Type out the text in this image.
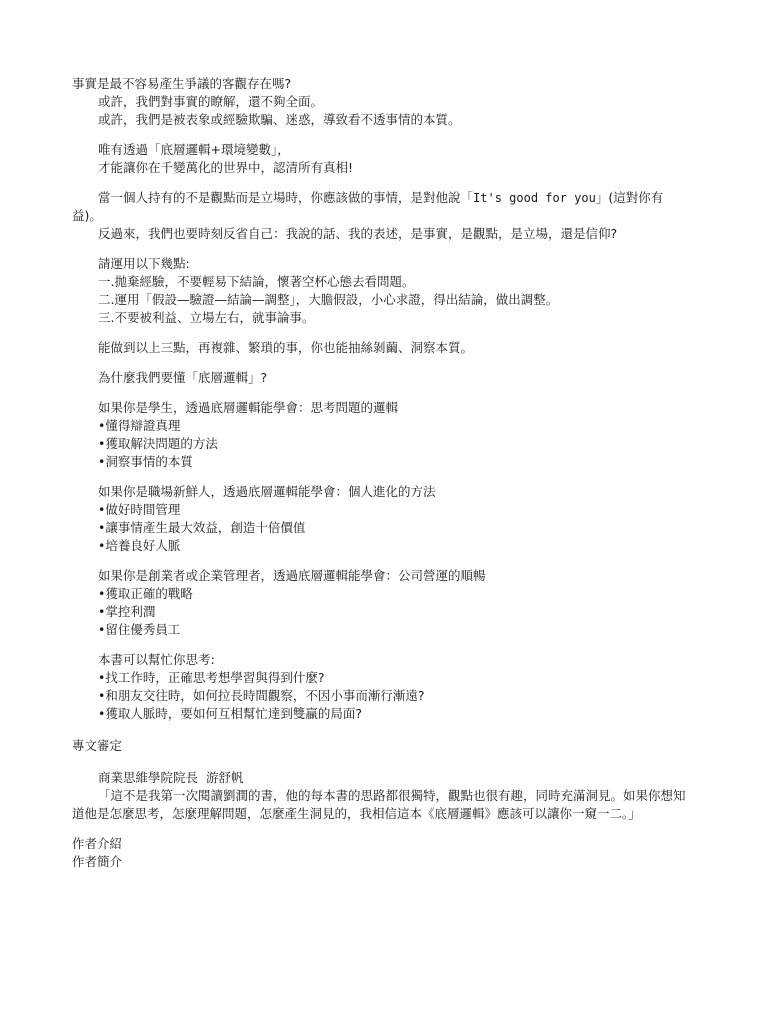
事實是最不容易產生爭議的客觀存在嗎?

或許，我們對事實的瞭解，還不夠全面。

或許，我們是被表象或經驗欺騙、迷惑，導致看不透事情的本質。

唯有透過「底層邏輯+環境變數」，

才能讓你在千變萬化的世界中，認清所有真相!

當一個人持有的不是觀點而是立場時，你應該做的事情，是對他說「It's good for you」(這對你有

益)。

反過來，我們也要時刻反省自己：我說的話、我的表述，是事實，是觀點，是立場，還是信仰?

請運用以下幾點:

一.拋棄經驗，不要輕易下結論，懷著空杯心態去看問題。

二.運用「假設—驗證—結論—調整」，大膽假設，小心求證，得出結論，做出調整。

三.不要被利益、立場左右，就事論事。

能做到以上三點，再複雜、繁瑣的事，你也能抽絲剝繭、洞察本質。

為什麼我們要懂「底層邏輯」?

如果你是學生，透過底層邏輯能學會：思考問題的邏輯

•懂得辯證真理

•獲取解決問題的方法

•洞察事情的本質

如果你是職場新鮮人，透過底層邏輯能學會：個人進化的方法

•做好時間管理

•讓事情產生最大效益，創造十倍價值

•培養良好人脈

如果你是創業者或企業管理者，透過底層邏輯能學會：公司營運的順暢

•獲取正確的戰略

•掌控利潤

•留住優秀員工

本書可以幫忙你思考:

•找工作時，正確思考想學習與得到什麼?

•和朋友交往時，如何拉長時間觀察，不因小事而漸行漸遠?

•獲取人脈時，要如何互相幫忙達到雙贏的局面?

專文審定

商業思維學院院長  游舒帆

「這不是我第一次閱讀劉潤的書，他的每本書的思路都很獨特，觀點也很有趣，同時充滿洞見。如果你想知

道他是怎麼思考，怎麼理解問題，怎麼產生洞見的，我相信這本《底層邏輯》應該可以讓你一窺一二。」

作者介紹

作者簡介
